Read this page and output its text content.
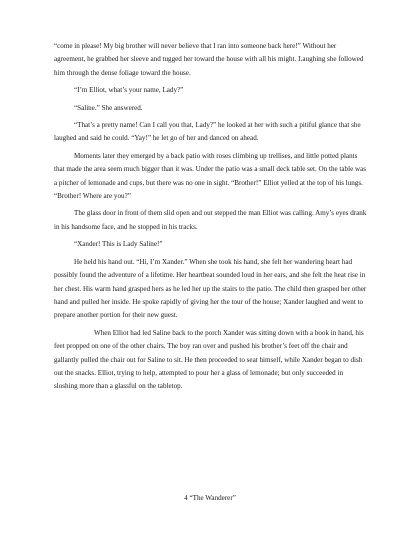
“come in please! My big brother will never believe that I ran into someone back here!” Without her agreement, he grabbed her sleeve and tugged her toward the house with all his might. Laughing she followed him through the dense foliage toward the house.

“I’m Elliot, what’s your name, Lady?”

“Saline.” She answered.

“That’s a pretty name! Can I call you that, Lady?” he looked at her with such a pitiful glance that she laughed and said he could. “Yay!” he let go of her and danced on ahead.

Moments later they emerged by a back patio with roses climbing up trellises, and little potted plants that made the area seem much bigger than it was. Under the patio was a small deck table set. On the table was a pitcher of lemonade and cups, but there was no one in sight. “Brother!” Elliot yelled at the top of his lungs. “Brother! Where are you?”

The glass door in front of them slid open and out stepped the man Elliot was calling. Amy’s eyes drank in his handsome face, and he stopped in his tracks.

“Xander! This is Lady Saline!”

He held his hand out. “Hi, I’m Xander.” When she took his hand, she felt her wandering heart had possibly found the adventure of a lifetime. Her heartbeat sounded loud in her ears, and she felt the heat rise in her chest. His warm hand grasped hers as he led her up the stairs to the patio. The child then grasped her other hand and pulled her inside. He spoke rapidly of giving her the tour of the house; Xander laughed and went to prepare another portion for their new guest.

When Elliot had led Saline back to the porch Xander was sitting down with a book in hand, his feet propped on one of the other chairs. The boy ran over and pushed his brother’s feet off the chair and gallantly pulled the chair out for Saline to sit. He then proceeded to seat himself, while Xander began to dish out the snacks. Elliot, trying to help, attempted to pour her a glass of lemonade; but only succeeded in sloshing more than a glassful on the tabletop.

4 “The Wanderer”
